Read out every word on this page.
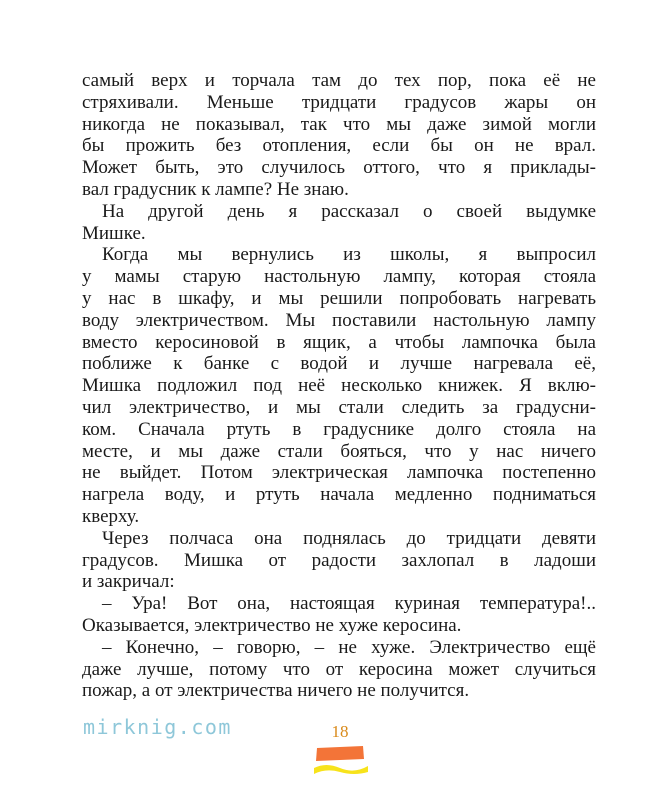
самый верх и торчала там до тех пор, пока её не
стряхивали. Меньше тридцати градусов жары он
никогда не показывал, так что мы даже зимой могли
бы прожить без отопления, если бы он не врал.
Может быть, это случилось оттого, что я приклады-
вал градусник к лампе? Не знаю.
На другой день я рассказал о своей выдумке
Мишке.
Когда мы вернулись из школы, я выпросил
у мамы старую настольную лампу, которая стояла
у нас в шкафу, и мы решили попробовать нагревать
воду электричеством. Мы поставили настольную лампу
вместо керосиновой в ящик, а чтобы лампочка была
поближе к банке с водой и лучше нагревала её,
Мишка подложил под неё несколько книжек. Я вклю-
чил электричество, и мы стали следить за градусни-
ком. Сначала ртуть в градуснике долго стояла на
месте, и мы даже стали бояться, что у нас ничего
не выйдет. Потом электрическая лампочка постепенно
нагрела воду, и ртуть начала медленно подниматься
кверху.
Через полчаса она поднялась до тридцати девяти
градусов. Мишка от радости захлопал в ладоши
и закричал:
– Ура! Вот она, настоящая куриная температура!..
Оказывается, электричество не хуже керосина.
– Конечно, – говорю, – не хуже. Электричество ещё
даже лучше, потому что от керосина может случиться
пожар, а от электричества ничего не получится.
mirknig.com	18
